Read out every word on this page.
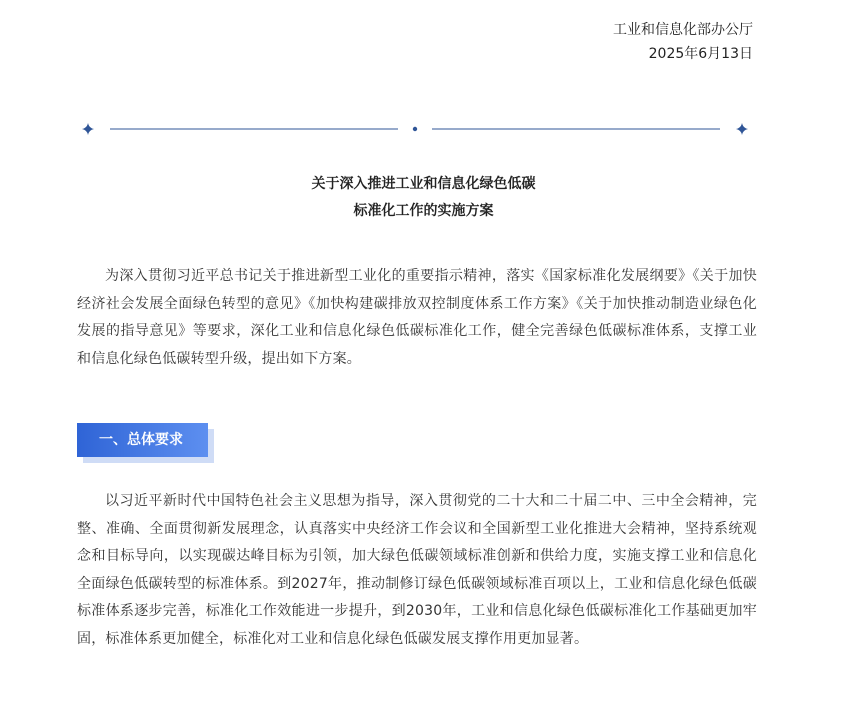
工业和信息化部办公厅
2025年6月13日
关于深入推进工业和信息化绿色低碳
标准化工作的实施方案

为深入贯彻习近平总书记关于推进新型工业化的重要指示精神，落实《国家标准化发展纲要》《关于加快经济社会发展全面绿色转型的意见》《加快构建碳排放双控制度体系工作方案》《关于加快推动制造业绿色化发展的指导意见》等要求，深化工业和信息化绿色低碳标准化工作，健全完善绿色低碳标准体系，支撑工业和信息化绿色低碳转型升级，提出如下方案。

一、总体要求

以习近平新时代中国特色社会主义思想为指导，深入贯彻党的二十大和二十届二中、三中全会精神，完整、准确、全面贯彻新发展理念，认真落实中央经济工作会议和全国新型工业化推进大会精神，坚持系统观念和目标导向，以实现碳达峰目标为引领，加大绿色低碳领域标准创新和供给力度，实施支撑工业和信息化全面绿色低碳转型的标准体系。到2027年，推动制修订绿色低碳领域标准百项以上，工业和信息化绿色低碳标准体系逐步完善，标准化工作效能进一步提升，到2030年，工业和信息化绿色低碳标准化工作基础更加牢固，标准体系更加健全，标准化对工业和信息化绿色低碳发展支撑作用更加显著。
